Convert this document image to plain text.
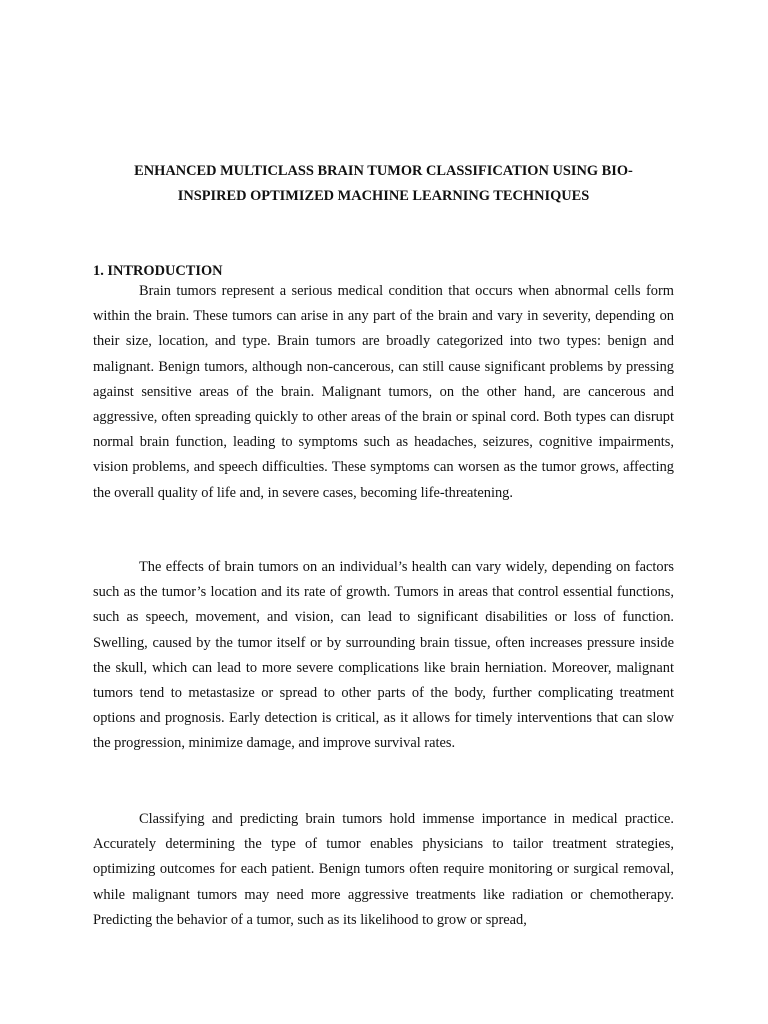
ENHANCED MULTICLASS BRAIN TUMOR CLASSIFICATION USING BIO-
INSPIRED OPTIMIZED MACHINE LEARNING TECHNIQUES
1. INTRODUCTION

Brain tumors represent a serious medical condition that occurs when abnormal cells form within the brain. These tumors can arise in any part of the brain and vary in severity, depending on their size, location, and type. Brain tumors are broadly categorized into two types: benign and malignant. Benign tumors, although non-cancerous, can still cause significant problems by pressing against sensitive areas of the brain. Malignant tumors, on the other hand, are cancerous and aggressive, often spreading quickly to other areas of the brain or spinal cord. Both types can disrupt normal brain function, leading to symptoms such as headaches, seizures, cognitive impairments, vision problems, and speech difficulties. These symptoms can worsen as the tumor grows, affecting the overall quality of life and, in severe cases, becoming life-threatening.

The effects of brain tumors on an individual’s health can vary widely, depending on factors such as the tumor’s location and its rate of growth. Tumors in areas that control essential functions, such as speech, movement, and vision, can lead to significant disabilities or loss of function. Swelling, caused by the tumor itself or by surrounding brain tissue, often increases pressure inside the skull, which can lead to more severe complications like brain herniation. Moreover, malignant tumors tend to metastasize or spread to other parts of the body, further complicating treatment options and prognosis. Early detection is critical, as it allows for timely interventions that can slow the progression, minimize damage, and improve survival rates.

Classifying and predicting brain tumors hold immense importance in medical practice. Accurately determining the type of tumor enables physicians to tailor treatment strategies, optimizing outcomes for each patient. Benign tumors often require monitoring or surgical removal, while malignant tumors may need more aggressive treatments like radiation or chemotherapy. Predicting the behavior of a tumor, such as its likelihood to grow or spread,
